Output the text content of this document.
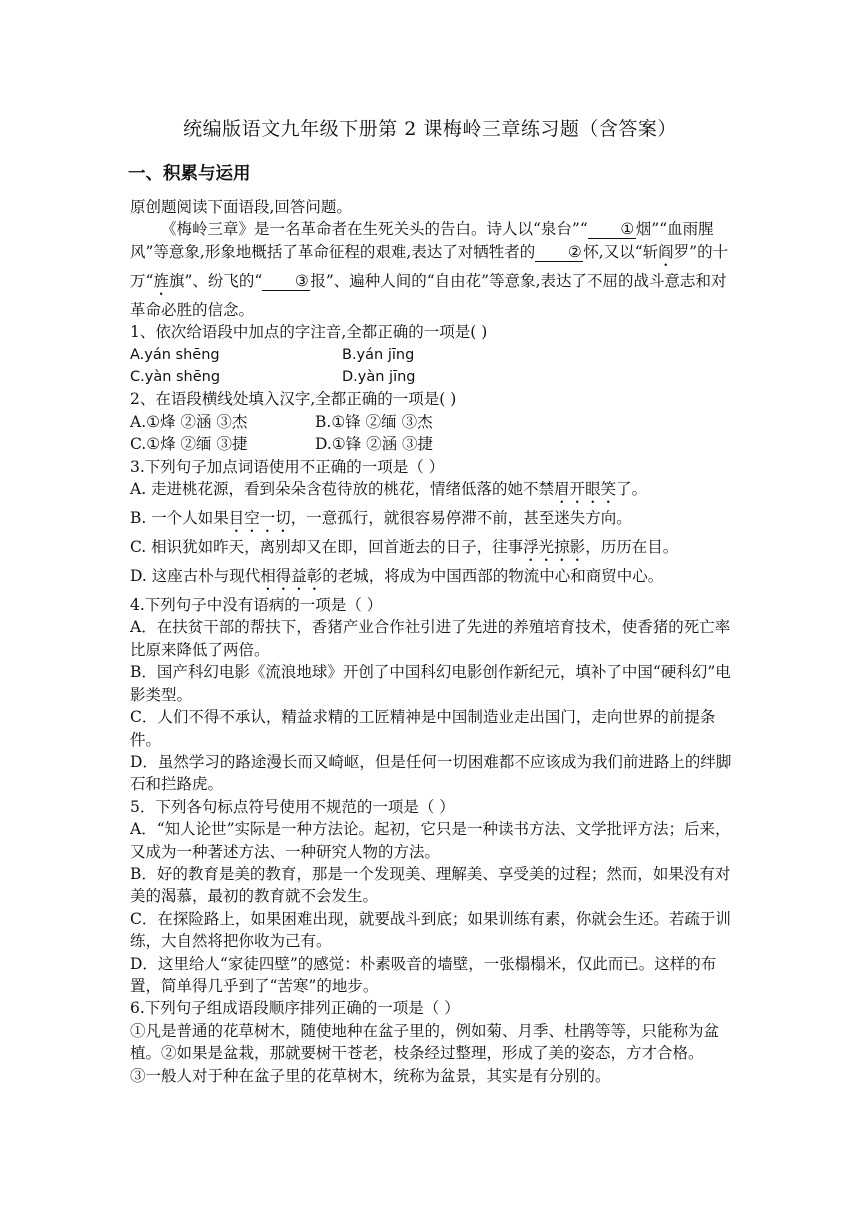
统编版语文九年级下册第 2 课梅岭三章练习题（含答案）
一、积累与运用

原创题阅读下面语段,回答问题。

《梅岭三章》是一名革命者在生死关头的告白。诗人以“泉台”“ ①烟”“血雨腥风”等意象,形象地概括了革命征程的艰难,表达了对牺牲者的 ②怀,又以“斩阎罗”的十万“旌旗”、纷飞的“ ③报”、遍种人间的“自由花”等意象,表达了不屈的战斗意志和对革命必胜的信念。

1、依次给语段中加点的字注音,全都正确的一项是( )

A.yán shēng	B.yán jīng
C.yàn shēng	D.yàn jīng

2、在语段横线处填入汉字,全都正确的一项是( )

A.①烽 ②涵 ③杰	B.①锋 ②缅 ③杰
C.①烽 ②缅 ③捷	D.①锋 ②涵 ③捷

3.下列句子加点词语使用不正确的一项是（ ）

A. 走进桃花源，看到朵朵含苞待放的桃花，情绪低落的她不禁眉开眼笑了。

B. 一个人如果目空一切，一意孤行，就很容易停滞不前，甚至迷失方向。

C. 相识犹如昨天，离别却又在即，回首逝去的日子，往事浮光掠影，历历在目。

D. 这座古朴与现代相得益彰的老城，将成为中国西部的物流中心和商贸中心。

4.下列句子中没有语病的一项是（ ）

A．在扶贫干部的帮扶下，香猪产业合作社引进了先进的养殖培育技术，使香猪的死亡率比原来降低了两倍。

B．国产科幻电影《流浪地球》开创了中国科幻电影创作新纪元，填补了中国“硬科幻”电影类型。

C．人们不得不承认，精益求精的工匠精神是中国制造业走出国门，走向世界的前提条件。

D．虽然学习的路途漫长而又崎岖，但是任何一切困难都不应该成为我们前进路上的绊脚石和拦路虎。

5．下列各句标点符号使用不规范的一项是（ ）

A．“知人论世”实际是一种方法论。起初，它只是一种读书方法、文学批评方法；后来，又成为一种著述方法、一种研究人物的方法。

B．好的教育是美的教育，那是一个发现美、理解美、享受美的过程；然而，如果没有对美的渴慕，最初的教育就不会发生。

C．在探险路上，如果困难出现，就要战斗到底；如果训练有素，你就会生还。若疏于训练，大自然将把你收为己有。

D．这里给人“家徒四壁”的感觉：朴素吸音的墙壁，一张榻榻米，仅此而已。这样的布置，简单得几乎到了“苦寒”的地步。

6.下列句子组成语段顺序排列正确的一项是（ ）

①凡是普通的花草树木，随使地种在盆子里的，例如菊、月季、杜鹃等等，只能称为盆植。②如果是盆栽，那就要树干苍老，枝条经过整理，形成了美的姿态，方才合格。

③一般人对于种在盆子里的花草树木，统称为盆景，其实是有分别的。
